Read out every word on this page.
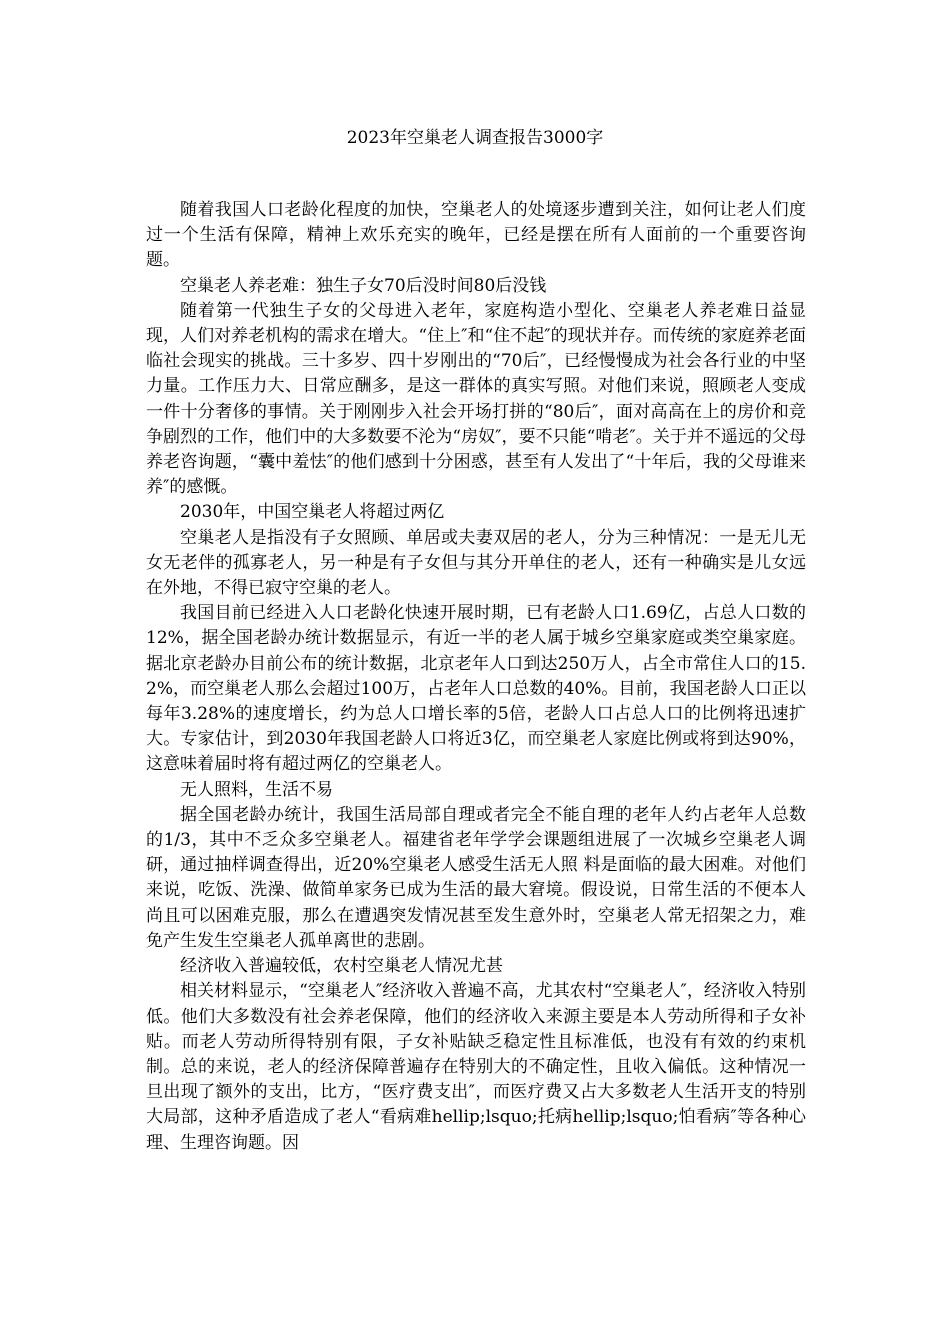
2023年空巢老人调查报告3000字

随着我国人口老龄化程度的加快，空巢老人的处境逐步遭到关注，如何让老人们度过一个生活有保障，精神上欢乐充实的晚年，已经是摆在所有人面前的一个重要咨询题。

空巢老人养老难：独生子女70后没时间80后没钱

随着第一代独生子女的父母进入老年，家庭构造小型化、空巢老人养老难日益显现，人们对养老机构的需求在增大。“住上″和“住不起″的现状并存。而传统的家庭养老面临社会现实的挑战。三十多岁、四十岁刚出的“70后″，已经慢慢成为社会各行业的中坚力量。工作压力大、日常应酬多，是这一群体的真实写照。对他们来说，照顾老人变成一件十分奢侈的事情。关于刚刚步入社会开场打拼的“80后″，面对高高在上的房价和竞争剧烈的工作，他们中的大多数要不沦为“房奴″，要不只能“啃老″。关于并不遥远的父母养老咨询题，“囊中羞怯″的他们感到十分困惑，甚至有人发出了“十年后，我的父母谁来养″的感慨。

2030年，中国空巢老人将超过两亿

空巢老人是指没有子女照顾、单居或夫妻双居的老人，分为三种情况：一是无儿无女无老伴的孤寡老人，另一种是有子女但与其分开单住的老人，还有一种确实是儿女远在外地，不得已寂守空巢的老人。

我国目前已经进入人口老龄化快速开展时期，已有老龄人口1.69亿，占总人口数的12%，据全国老龄办统计数据显示，有近一半的老人属于城乡空巢家庭或类空巢家庭。据北京老龄办目前公布的统计数据，北京老年人口到达250万人，占全市常住人口的15.2%，而空巢老人那么会超过100万，占老年人口总数的40%。目前，我国老龄人口正以每年3.28%的速度增长，约为总人口增长率的5倍，老龄人口占总人口的比例将迅速扩大。专家估计，到2030年我国老龄人口将近3亿，而空巢老人家庭比例或将到达90%，这意味着届时将有超过两亿的空巢老人。

无人照料，生活不易

据全国老龄办统计，我国生活局部自理或者完全不能自理的老年人约占老年人总数的1/3，其中不乏众多空巢老人。福建省老年学学会课题组进展了一次城乡空巢老人调研，通过抽样调查得出，近20%空巢老人感受生活无人照 料是面临的最大困难。对他们来说，吃饭、洗澡、做简单家务已成为生活的最大窘境。假设说，日常生活的不便本人尚且可以困难克服，那么在遭遇突发情况甚至发生意外时，空巢老人常无招架之力，难免产生发生空巢老人孤单离世的悲剧。

经济收入普遍较低，农村空巢老人情况尤甚

相关材料显示，“空巢老人″经济收入普遍不高，尤其农村“空巢老人″，经济收入特别低。他们大多数没有社会养老保障，他们的经济收入来源主要是本人劳动所得和子女补贴。而老人劳动所得特别有限，子女补贴缺乏稳定性且标准低，也没有有效的约束机制。总的来说，老人的经济保障普遍存在特别大的不确定性，且收入偏低。这种情况一旦出现了额外的支出，比方，“医疗费支出″，而医疗费又占大多数老人生活开支的特别大局部，这种矛盾造成了老人“看病难hellip;lsquo;托病hellip;lsquo;怕看病″等各种心理、生理咨询题。因
